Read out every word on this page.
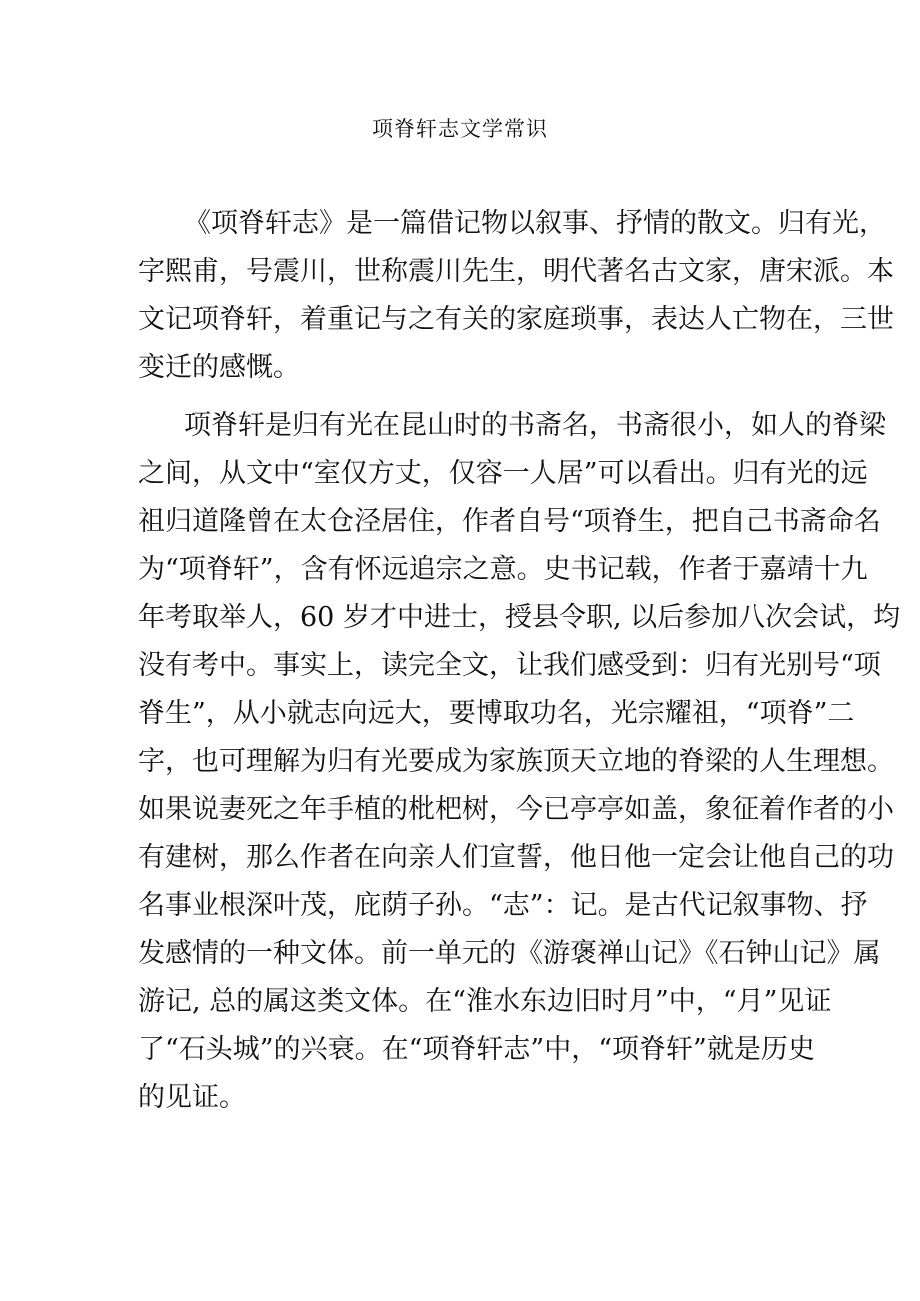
项脊轩志文学常识

《项脊轩志》是一篇借记物以叙事、抒情的散文。归有光，
字熙甫，号震川，世称震川先生，明代著名古文家，唐宋派。本
文记项脊轩，着重记与之有关的家庭琐事，表达人亡物在，三世
变迁的感慨。

项脊轩是归有光在昆山时的书斋名，书斋很小，如人的脊梁
之间，从文中“室仅方丈，仅容一人居”可以看出。归有光的远
祖归道隆曾在太仓泾居住，作者自号“项脊生，把自己书斋命名
为“项脊轩”，含有怀远追宗之意。史书记载，作者于嘉靖十九
年考取举人，60 岁才中进士，授县令职, 以后参加八次会试，均
没有考中。事实上，读完全文，让我们感受到：归有光别号“项
脊生”，从小就志向远大，要博取功名，光宗耀祖，“项脊”二
字，也可理解为归有光要成为家族顶天立地的脊梁的人生理想。
如果说妻死之年手植的枇杷树，今已亭亭如盖，象征着作者的小
有建树，那么作者在向亲人们宣誓，他日他一定会让他自己的功
名事业根深叶茂，庇荫子孙。“志”：记。是古代记叙事物、抒
发感情的一种文体。前一单元的《游褒禅山记》《石钟山记》属
游记, 总的属这类文体。在“淮水东边旧时月”中，“月”见证
了“石头城”的兴衰。在“项脊轩志”中，“项脊轩”就是历史
的见证。
